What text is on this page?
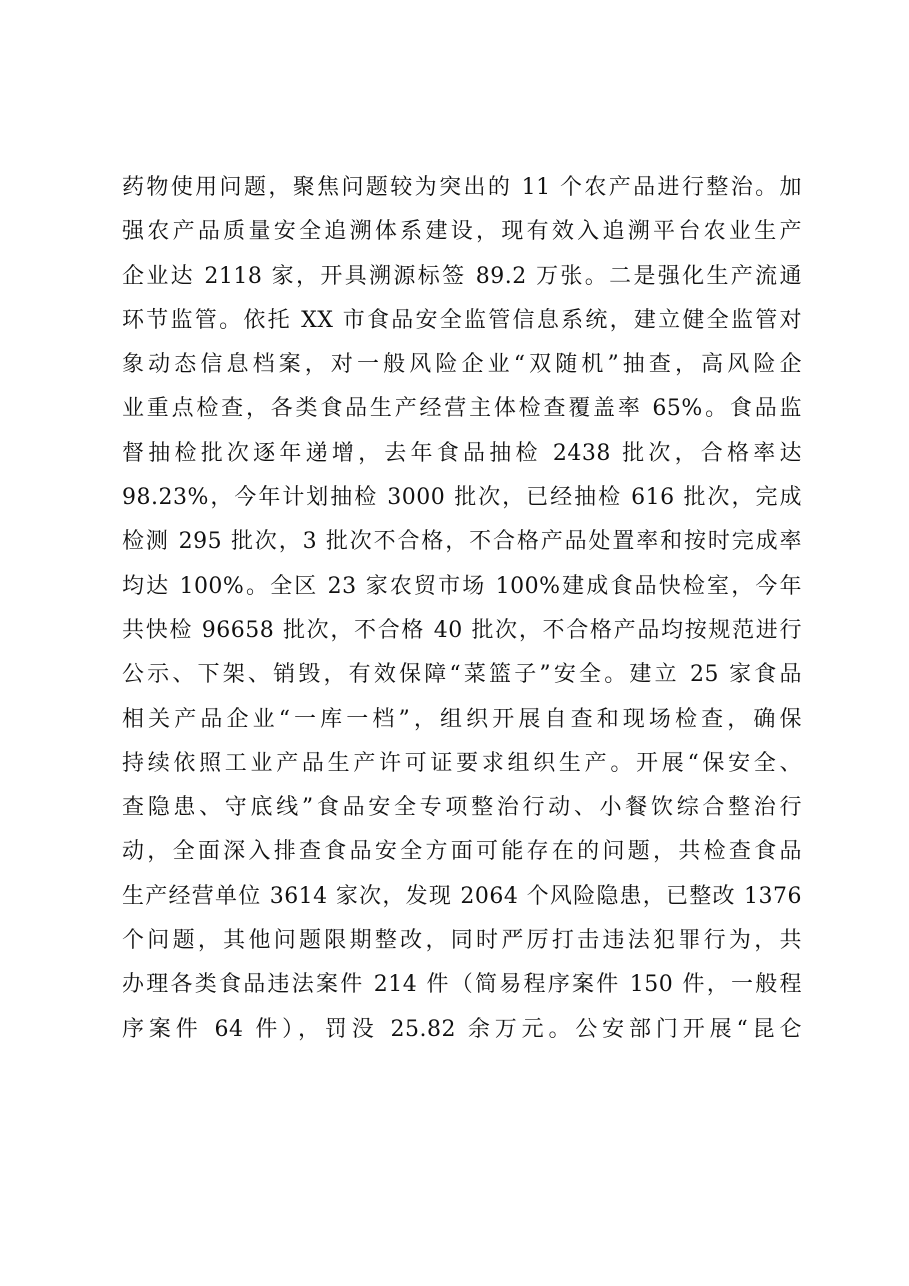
药物使用问题，聚焦问题较为突出的 11 个农产品进行整治。加
强农产品质量安全追溯体系建设，现有效入追溯平台农业生产
企业达 2118 家，开具溯源标签 89.2 万张。二是强化生产流通
环节监管。依托 XX 市食品安全监管信息系统，建立健全监管对
象动态信息档案，对一般风险企业“双随机”抽查，高风险企
业重点检查，各类食品生产经营主体检查覆盖率 65%。食品监
督抽检批次逐年递增，去年食品抽检 2438 批次，合格率达
98.23%，今年计划抽检 3000 批次，已经抽检 616 批次，完成
检测 295 批次，3 批次不合格，不合格产品处置率和按时完成率
均达 100%。全区 23 家农贸市场 100%建成食品快检室，今年
共快检 96658 批次，不合格 40 批次，不合格产品均按规范进行
公示、下架、销毁，有效保障“菜篮子”安全。建立 25 家食品
相关产品企业“一库一档”，组织开展自查和现场检查，确保
持续依照工业产品生产许可证要求组织生产。开展“保安全、
查隐患、守底线”食品安全专项整治行动、小餐饮综合整治行
动，全面深入排查食品安全方面可能存在的问题，共检查食品
生产经营单位 3614 家次，发现 2064 个风险隐患，已整改 1376
个问题，其他问题限期整改，同时严厉打击违法犯罪行为，共
办理各类食品违法案件 214 件（简易程序案件 150 件，一般程
序案件 64 件），罚没 25.82 余万元。公安部门开展“昆仑
